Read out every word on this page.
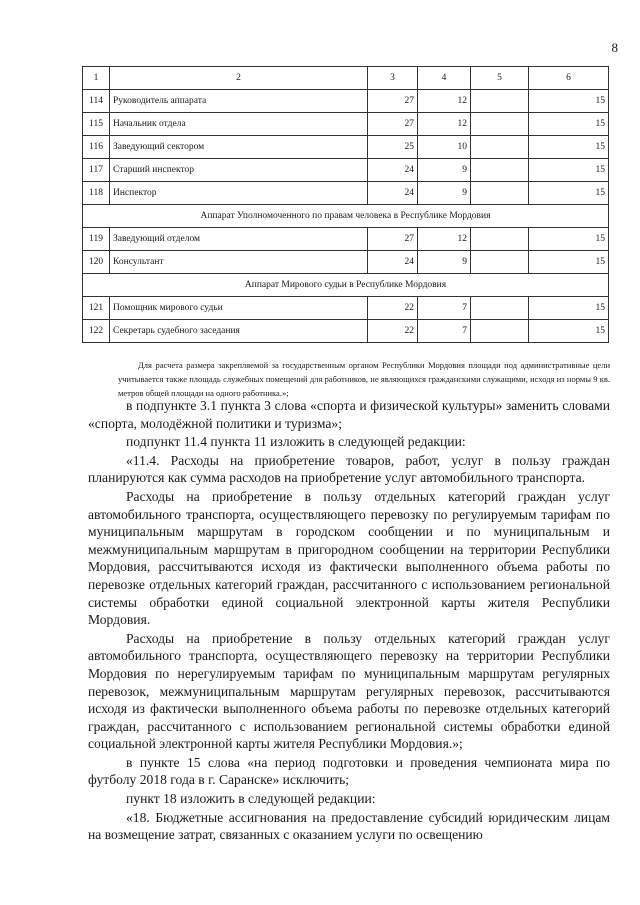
8
1	2	3	4	5	6
114	Руководитель аппарата	27	12		15
115	Начальник отдела	27	12		15
116	Заведующий сектором	25	10		15
117	Старший инспектор	24	9		15
118	Инспектор	24	9		15
Аппарат Уполномоченного по правам человека в Республике Мордовия					
119	Заведующий отделом	27	12		15
120	Консультант	24	9		15
Аппарат Мирового судьи в Республике Мордовия					
121	Помощник мирового судьи	22	7		15
122	Секретарь судебного заседания	22	7		15
Для расчета размера закрепляемой за государственным органом Республики Мордовия площади под административные цели учитывается также площадь служебных помещений для работников, не являющихся гражданскими служащими, исходя из нормы 9 кв. метров общей площади на одного работника.»;

в подпункте 3.1 пункта 3 слова «спорта и физической культуры» заменить словами «спорта, молодёжной политики и туризма»;

подпункт 11.4 пункта 11 изложить в следующей редакции:

«11.4. Расходы на приобретение товаров, работ, услуг в пользу граждан планируются как сумма расходов на приобретение услуг автомобильного транспорта.

Расходы на приобретение в пользу отдельных категорий граждан услуг автомобильного транспорта, осуществляющего перевозку по регулируемым тарифам по муниципальным маршрутам в городском сообщении и по муниципальным и межмуниципальным маршрутам в пригородном сообщении на территории Республики Мордовия, рассчитываются исходя из фактически выполненного объема работы по перевозке отдельных категорий граждан, рассчитанного с использованием региональной системы обработки единой социальной электронной карты жителя Республики Мордовия.

Расходы на приобретение в пользу отдельных категорий граждан услуг автомобильного транспорта, осуществляющего перевозку на территории Республики Мордовия по нерегулируемым тарифам по муниципальным маршрутам регулярных перевозок, межмуниципальным маршрутам регулярных перевозок, рассчитываются исходя из фактически выполненного объема работы по перевозке отдельных категорий граждан, рассчитанного с использованием региональной системы обработки единой социальной электронной карты жителя Республики Мордовия.»;

в пункте 15 слова «на период подготовки и проведения чемпионата мира по футболу 2018 года в г. Саранске» исключить;

пункт 18 изложить в следующей редакции:

«18. Бюджетные ассигнования на предоставление субсидий юридическим лицам на возмещение затрат, связанных с оказанием услуги по освещению
